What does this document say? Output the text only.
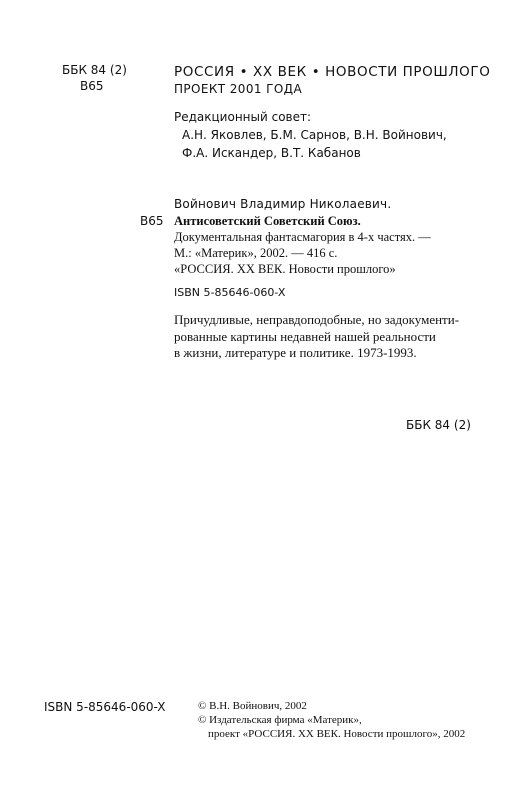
ББК 84 (2)
В65
РОССИЯ • XX ВЕК • НОВОСТИ ПРОШЛОГО
ПРОЕКТ 2001 ГОДА
Редакционный совет:
А.Н. Яковлев, Б.М. Сарнов, В.Н. Войнович,
Ф.А. Искандер, В.Т. Кабанов
Войнович Владимир Николаевич.
В65 Антисоветский Советский Союз.
Документальная фантасмагория в 4-х частях. —
М.: «Материк», 2002. — 416 с.
«РОССИЯ. XX ВЕК. Новости прошлого»
ISBN 5-85646-060-X
Причудливые, неправдоподобные, но задокументи-
рованные картины недавней нашей реальности
в жизни, литературе и политике. 1973-1993.
ББК 84 (2)
ISBN 5-85646-060-X	© В.Н. Войнович, 2002
© Издательская фирма «Материк»,
проект «РОССИЯ. XX ВЕК. Новости прошлого», 2002
